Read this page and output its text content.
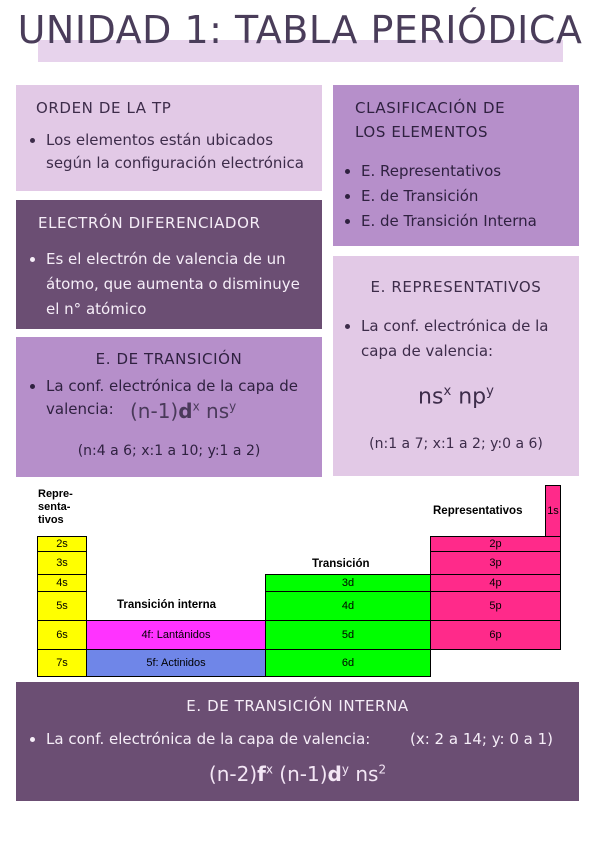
UNIDAD 1: TABLA PERIÓDICA
ORDEN DE LA TP
• Los elementos están ubicados según la configuración electrónica
CLASIFICACIÓN DE LOS ELEMENTOS
• E. Representativos
• E. de Transición
• E. de Transición Interna
ELECTRÓN DIFERENCIADOR
• Es el electrón de valencia de un átomo, que aumenta o disminuye el n° atómico
E. REPRESENTATIVOS
• La conf. electrónica de la capa de valencia:
$ns^x$ $np^y$
(n:1 a 7; x:1 a 2; y:0 a 6)
E. DE TRANSICIÓN
• La conf. electrónica de la capa de valencia: $(n-1)d^x$ $ns^y$
(n:4 a 6; x:1 a 10; y:1 a 2)
Repre-
senta-
tivos
Representativos
Transición
Transición interna
2s
3s
4s
5s
6s
7s
4f: Lantánidos
5f: Actinidos
3d
4d
5d
6d
2p
3p
4p
5p
6p
1s
E. DE TRANSICIÓN INTERNA
• La conf. electrónica de la capa de valencia:	(x: 2 a 14; y: 0 a 1)
$(n-2)f^x$ $(n-1)d^y$ $ns^2$
